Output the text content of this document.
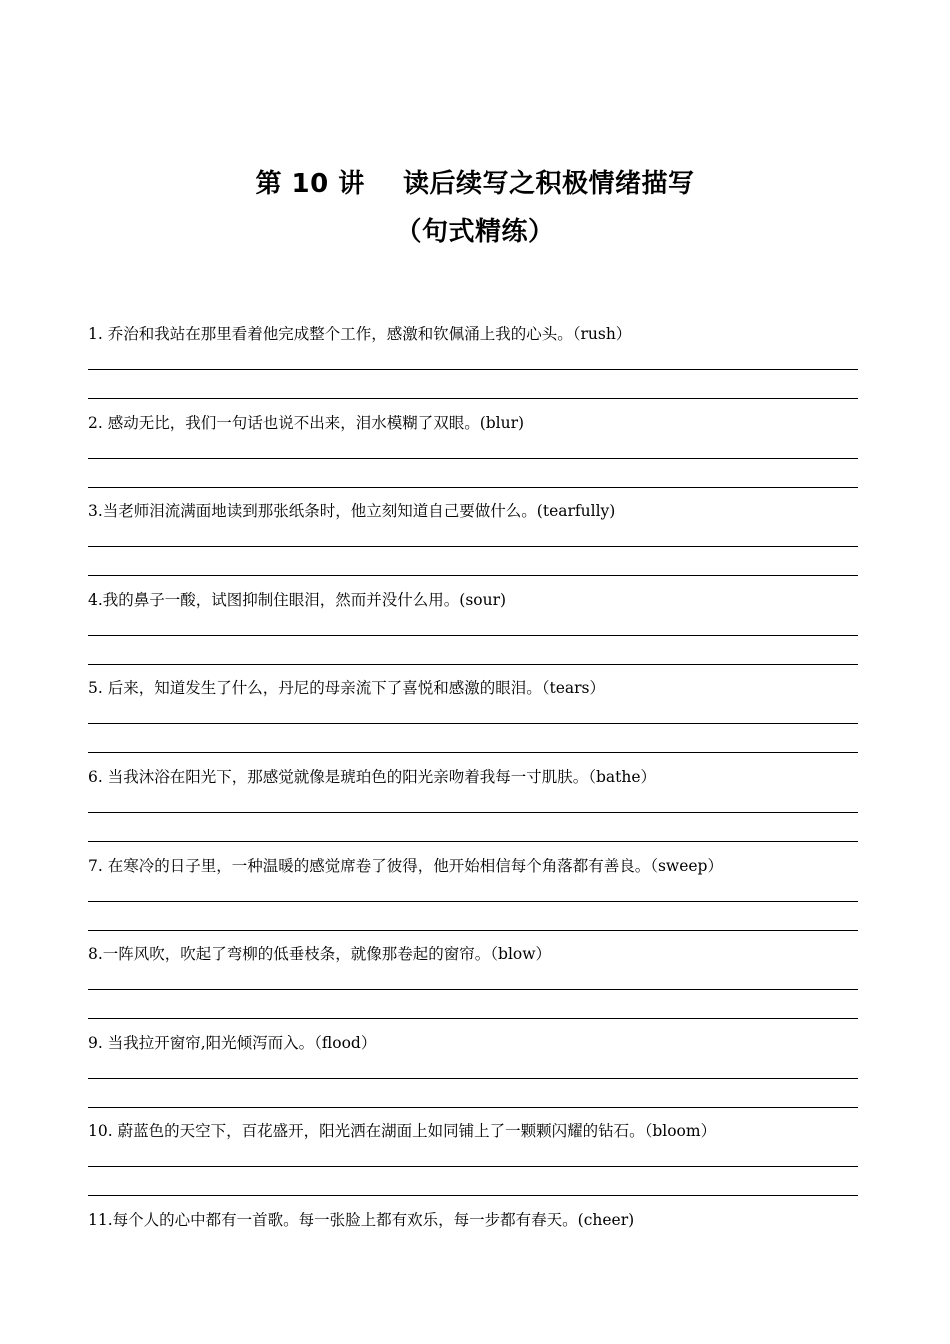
第 10 讲    读后续写之积极情绪描写
（句式精练）
1. 乔治和我站在那里看着他完成整个工作，感激和钦佩涌上我的心头。（rush）
2. 感动无比，我们一句话也说不出来，泪水模糊了双眼。(blur)
3.当老师泪流满面地读到那张纸条时，他立刻知道自己要做什么。(tearfully)
4.我的鼻子一酸，试图抑制住眼泪，然而并没什么用。(sour)
5. 后来，知道发生了什么，丹尼的母亲流下了喜悦和感激的眼泪。（tears）
6. 当我沐浴在阳光下，那感觉就像是琥珀色的阳光亲吻着我每一寸肌肤。（bathe）
7. 在寒冷的日子里，一种温暖的感觉席卷了彼得，他开始相信每个角落都有善良。（sweep）
8.一阵风吹，吹起了弯柳的低垂枝条，就像那卷起的窗帘。（blow）
9. 当我拉开窗帘,阳光倾泻而入。（flood）
10. 蔚蓝色的天空下，百花盛开，阳光洒在湖面上如同铺上了一颗颗闪耀的钻石。（bloom）
11.每个人的心中都有一首歌。每一张脸上都有欢乐，每一步都有春天。(cheer)
